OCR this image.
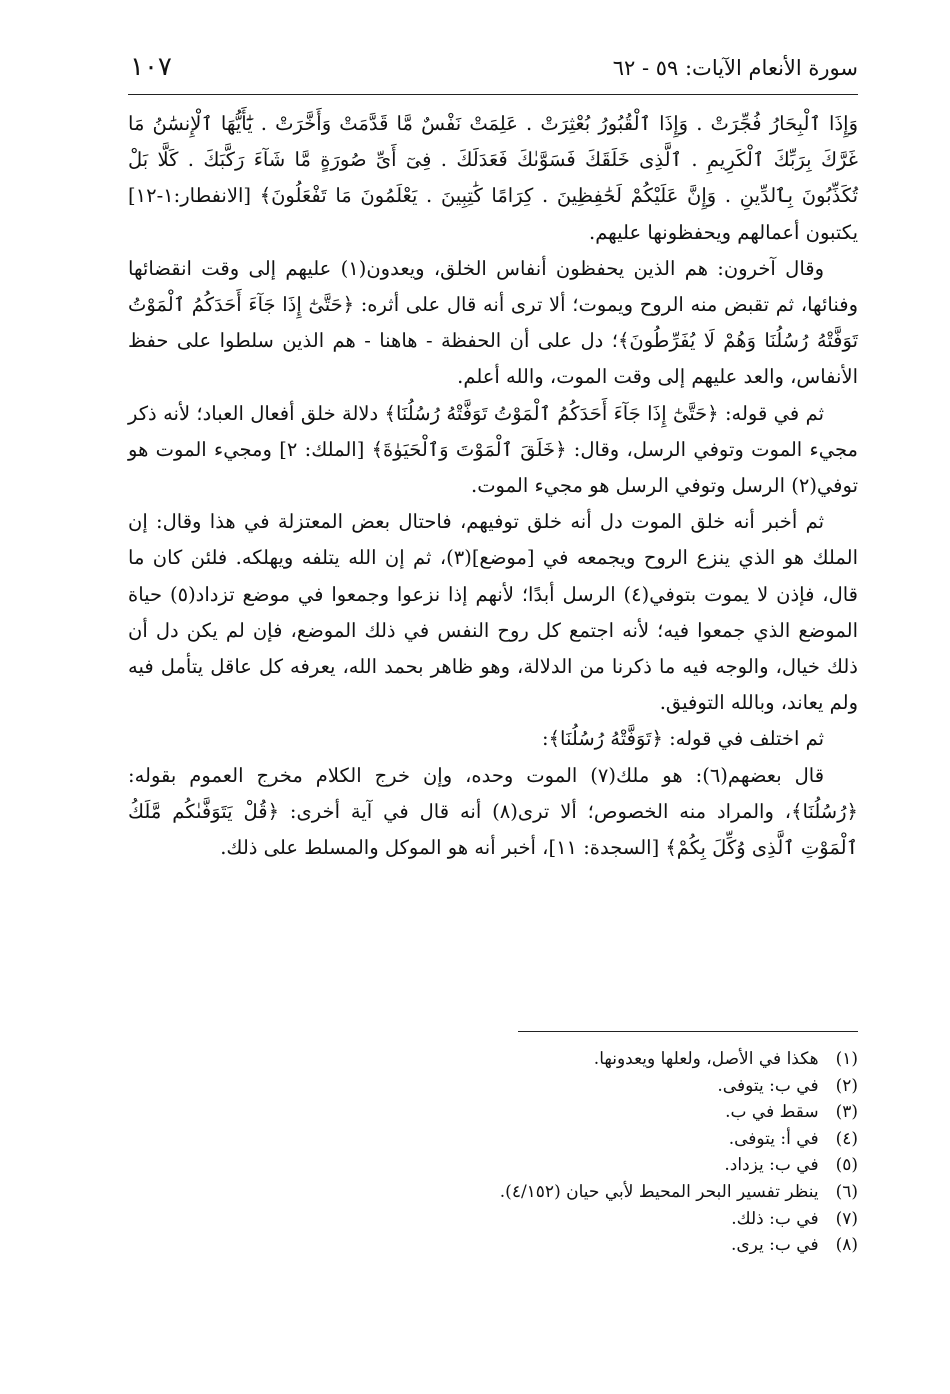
سورة الأنعام الآيات: ٥٩ - ٦٢
١٠٧

وَإِذَا ٱلْبِحَارُ فُجِّرَتْ . وَإِذَا ٱلْقُبُورُ بُعْثِرَتْ . عَلِمَتْ نَفْسٌ مَّا قَدَّمَتْ وَأَخَّرَتْ . يَٰٓأَيُّهَا ٱلْإِنسَٰنُ مَا غَرَّكَ بِرَبِّكَ ٱلْكَرِيمِ . ٱلَّذِى خَلَقَكَ فَسَوَّىٰكَ فَعَدَلَكَ . فِىٓ أَىِّ صُورَةٍ مَّا شَآءَ رَكَّبَكَ . كَلَّا بَلْ تُكَذِّبُونَ بِٱلدِّينِ . وَإِنَّ عَلَيْكُمْ لَحَٰفِظِينَ . كِرَامًا كَٰتِبِينَ . يَعْلَمُونَ مَا تَفْعَلُونَ﴾ [الانفطار:١-١٢] يكتبون أعمالهم ويحفظونها عليهم.

وقال آخرون: هم الذين يحفظون أنفاس الخلق، ويعدون(١) عليهم إلى وقت انقضائها وفنائها، ثم تقبض منه الروح ويموت؛ ألا ترى أنه قال على أثره: ﴿حَتَّىٰٓ إِذَا جَآءَ أَحَدَكُمُ ٱلْمَوْتُ تَوَفَّتْهُ رُسُلُنَا وَهُمْ لَا يُفَرِّطُونَ﴾؛ دل على أن الحفظة - هاهنا - هم الذين سلطوا على حفظ الأنفاس، والعد عليهم إلى وقت الموت، والله أعلم.

ثم في قوله: ﴿حَتَّىٰٓ إِذَا جَآءَ أَحَدَكُمُ ٱلْمَوْتُ تَوَفَّتْهُ رُسُلُنَا﴾ دلالة خلق أفعال العباد؛ لأنه ذكر مجيء الموت وتوفي الرسل، وقال: ﴿خَلَقَ ٱلْمَوْتَ وَٱلْحَيَوٰةَ﴾ [الملك: ٢] ومجيء الموت هو توفي(٢) الرسل وتوفي الرسل هو مجيء الموت.

ثم أخبر أنه خلق الموت دل أنه خلق توفيهم، فاحتال بعض المعتزلة في هذا وقال: إن الملك هو الذي ينزع الروح ويجمعه في [موضع](٣)، ثم إن الله يتلفه ويهلكه. فلئن كان ما قال، فإذن لا يموت بتوفي(٤) الرسل أبدًا؛ لأنهم إذا نزعوا وجمعوا في موضع تزداد(٥) حياة الموضع الذي جمعوا فيه؛ لأنه اجتمع كل روح النفس في ذلك الموضع، فإن لم يكن دل أن ذلك خيال، والوجه فيه ما ذكرنا من الدلالة، وهو ظاهر بحمد الله، يعرفه كل عاقل يتأمل فيه ولم يعاند، وبالله التوفيق.

ثم اختلف في قوله: ﴿تَوَفَّتْهُ رُسُلُنَا﴾:

قال بعضهم(٦): هو ملك(٧) الموت وحده، وإن خرج الكلام مخرج العموم بقوله: ﴿رُسُلُنَا﴾، والمراد منه الخصوص؛ ألا ترى(٨) أنه قال في آية أخرى: ﴿قُلْ يَتَوَفَّىٰكُم مَّلَكُ ٱلْمَوْتِ ٱلَّذِى وُكِّلَ بِكُمْ﴾ [السجدة: ١١]، أخبر أنه هو الموكل والمسلط على ذلك.

(١) هكذا في الأصل، ولعلها ويعدونها.
(٢) في ب: يتوفى.
(٣) سقط في ب.
(٤) في أ: يتوفى.
(٥) في ب: يزداد.
(٦) ينظر تفسير البحر المحيط لأبي حيان (٤/١٥٢).
(٧) في ب: ذلك.
(٨) في ب: يرى.
